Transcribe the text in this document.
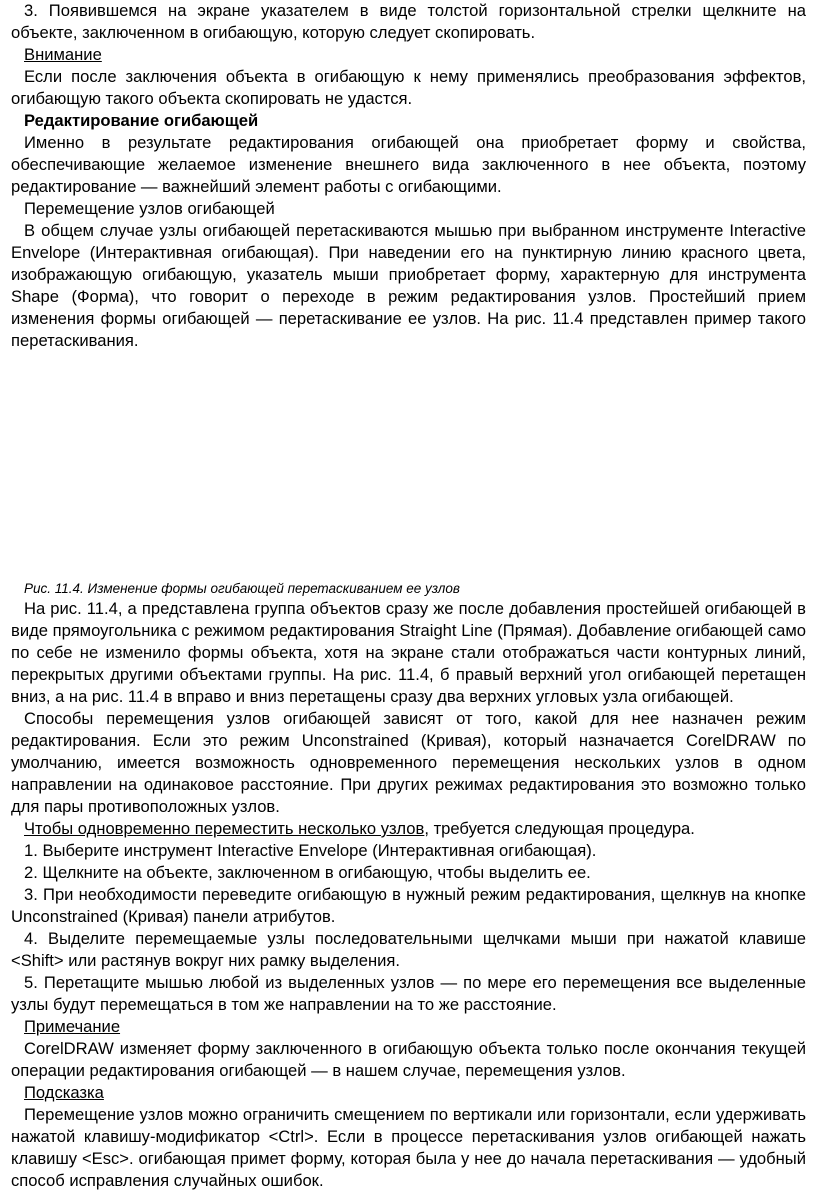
3. Появившемся на экране указателем в виде толстой горизонтальной стрелки щелкните на объекте, заключенном в огибающую, которую следует скопировать.

Внимание

Если после заключения объекта в огибающую к нему применялись преобразования эффектов, огибающую такого объекта скопировать не удастся.

Редактирование огибающей

Именно в результате редактирования огибающей она приобретает форму и свойства, обеспечивающие желаемое изменение внешнего вида заключенного в нее объекта, поэтому редактирование — важнейший элемент работы с огибающими.

Перемещение узлов огибающей

В общем случае узлы огибающей перетаскиваются мышью при выбранном инструменте Interactive Envelope (Интерактивная огибающая). При наведении его на пунктирную линию красного цвета, изображающую огибающую, указатель мыши приобретает форму, характерную для инструмента Shape (Форма), что говорит о переходе в режим редактирования узлов. Простейший прием изменения формы огибающей — перетаскивание ее узлов. На рис. 11.4 представлен пример такого перетаскивания.

Рис. 11.4. Изменение формы огибающей перетаскиванием ее узлов

На рис. 11.4, а представлена группа объектов сразу же после добавления простейшей огибающей в виде прямоугольника с режимом редактирования Straight Line (Прямая). Добавление огибающей само по себе не изменило формы объекта, хотя на экране стали отображаться части контурных линий, перекрытых другими объектами группы. На рис. 11.4, б правый верхний угол огибающей перетащен вниз, а на рис. 11.4 в вправо и вниз перетащены сразу два верхних угловых узла огибающей.

Способы перемещения узлов огибающей зависят от того, какой для нее назначен режим редактирования. Если это режим Unconstrained (Кривая), который назначается CorelDRAW по умолчанию, имеется возможность одновременного перемещения нескольких узлов в одном направлении на одинаковое расстояние. При других режимах редактирования это возможно только для пары противоположных узлов.

Чтобы одновременно переместить несколько узлов, требуется следующая процедура.

1. Выберите инструмент Interactive Envelope (Интерактивная огибающая).

2. Щелкните на объекте, заключенном в огибающую, чтобы выделить ее.

3. При необходимости переведите огибающую в нужный режим редактирования, щелкнув на кнопке Unconstrained (Кривая) панели атрибутов.

4. Выделите перемещаемые узлы последовательными щелчками мыши при нажатой клавише <Shift> или растянув вокруг них рамку выделения.

5. Перетащите мышью любой из выделенных узлов — по мере его перемещения все выделенные узлы будут перемещаться в том же направлении на то же расстояние.

Примечание

CorelDRAW изменяет форму заключенного в огибающую объекта только после окончания текущей операции редактирования огибающей — в нашем случае, перемещения узлов.

Подсказка

Перемещение узлов можно ограничить смещением по вертикали или горизонтали, если удерживать нажатой клавишу-модификатор <Ctrl>. Если в процессе перетаскивания узлов огибающей нажать клавишу <Esc>. огибающая примет форму, которая была у нее до начала перетаскивания — удобный способ исправления случайных ошибок.
